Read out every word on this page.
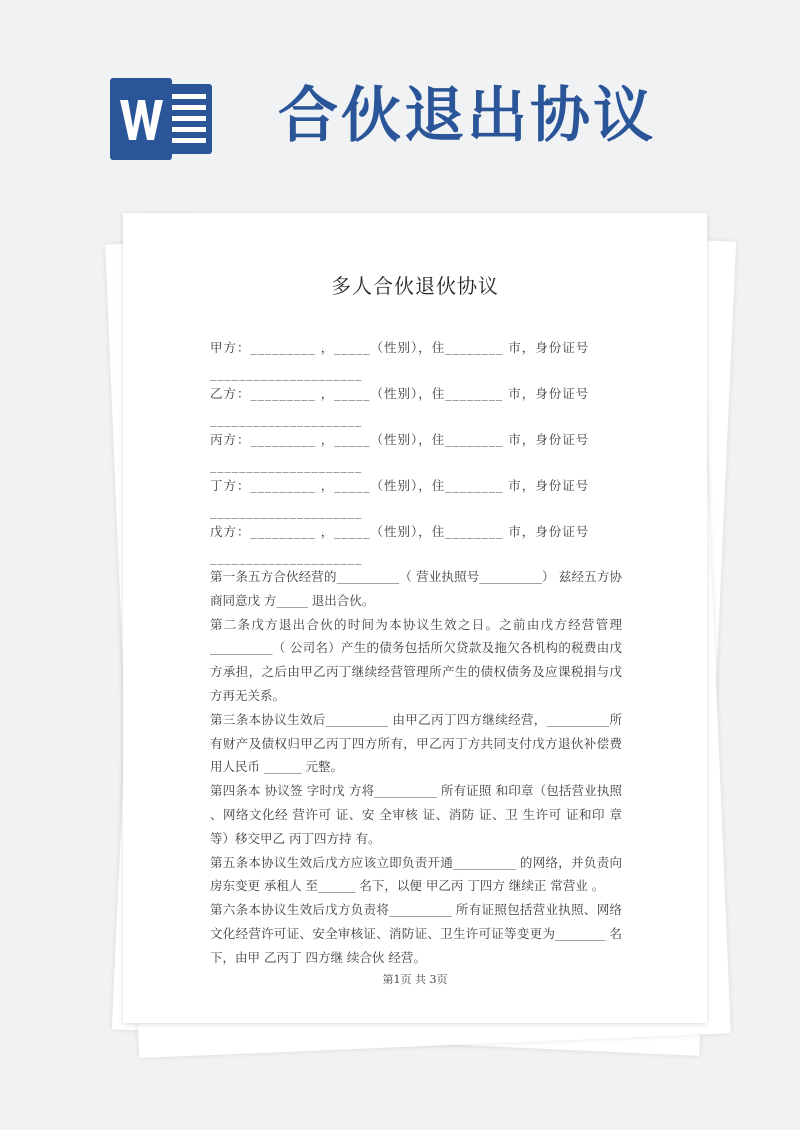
合伙退出协议
多人合伙退伙协议
甲方：_________ ，_____（性别），住________ 市，身份证号
_____________________
乙方：_________ ，_____（性别），住________ 市，身份证号
_____________________
丙方：_________ ，_____（性别），住________ 市，身份证号
_____________________
丁方：_________ ，_____（性别），住________ 市，身份证号
_____________________
戊方：_________ ，_____（性别），住________ 市，身份证号
_____________________

第一条五方合伙经营的__________（ 营业执照号__________） 兹经五方协商同意戊 方_____ 退出合伙。

第二条戊方退出合伙的时间为本协议生效之日。之前由戊方经营管理__________（ 公司名）产生的债务包括所欠贷款及拖欠各机构的税费由戊方承担，之后由甲乙丙丁继续经营管理所产生的债权债务及应课税捐与戊方再无关系。

第三条本协议生效后__________ 由甲乙丙丁四方继续经营，__________所有财产及债权归甲乙丙丁四方所有，甲乙丙丁方共同支付戊方退伙补偿费用人民币 ______ 元整。

第四条本 协议签 字时戊 方将__________ 所有证照 和印章（包括营业执照 、网络文化经 营许可 证、安 全审核 证、消防 证、卫 生许可 证和印 章等）移交甲乙 丙丁四方持 有。

第五条本协议生效后戊方应该立即负责开通__________ 的网络，并负责向房东变更 承租人 至______ 名下，以便 甲乙丙 丁四方 继续正 常营业 。

第六条本协议生效后戊方负责将__________ 所有证照包括营业执照、网络文化经营许可证、安全审核证、消防证、卫生许可证等变更为________ 名下，由甲 乙丙丁 四方继 续合伙 经营。

第1页 共 3页
